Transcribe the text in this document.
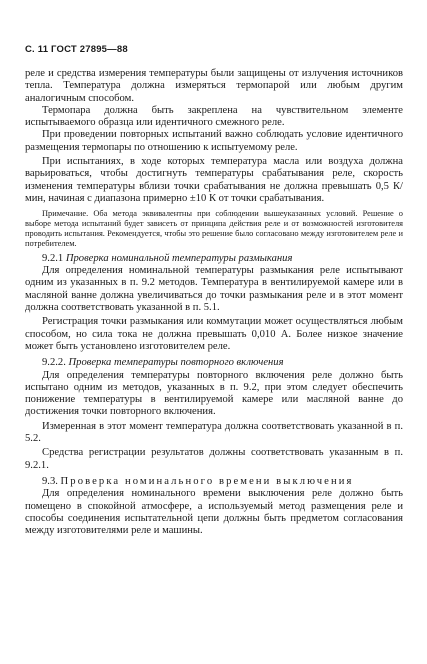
С. 11 ГОСТ 27895—88

реле и средства измерения температуры были защищены от излучения источников тепла. Температура должна измеряться термопарой или любым другим аналогичным способом.

Термопара должна быть закреплена на чувствительном элементе испытываемого образца или идентичного смежного реле.

При проведении повторных испытаний важно соблюдать условие идентичного размещения термопары по отношению к испытуемому реле.

При испытаниях, в ходе которых температура масла или воздуха должна варьироваться, чтобы достигнуть температуры срабатывания реле, скорость изменения температуры вблизи точки срабатывания не должна превышать 0,5 К/мин, начиная с диапазона примерно ±10 К от точки срабатывания.

Примечание. Оба метода эквивалентны при соблюдении вышеуказанных условий. Решение о выборе метода испытаний будет зависеть от принципа действия реле и от возможностей изготовителя проводить испытания. Рекомендуется, чтобы это решение было согласовано между изготовителем реле и потребителем.

9.2.1 Проверка номинальной температуры размыкания

Для определения номинальной температуры размыкания реле испытывают одним из указанных в п. 9.2 методов. Температура в вентилируемой камере или в масляной ванне должна увеличиваться до точки размыкания реле и в этот момент должна соответствовать указанной в п. 5.1.

Регистрация точки размыкания или коммутации может осуществляться любым способом, но сила тока не должна превышать 0,010 А. Более низкое значение может быть установлено изготовителем реле.

9.2.2. Проверка температуры повторного включения

Для определения температуры повторного включения реле должно быть испытано одним из методов, указанных в п. 9.2, при этом следует обеспечить понижение температуры в вентилируемой камере или масляной ванне до достижения точки повторного включения.

Измеренная в этот момент температура должна соответствовать указанной в п. 5.2.

Средства регистрации результатов должны соответствовать указанным в п. 9.2.1.

9.3. Проверка номинального времени выключения

Для определения номинального времени выключения реле должно быть помещено в спокойной атмосфере, а используемый метод размещения реле и способы соединения испытательной цепи должны быть предметом согласования между изготовителями реле и машины.
